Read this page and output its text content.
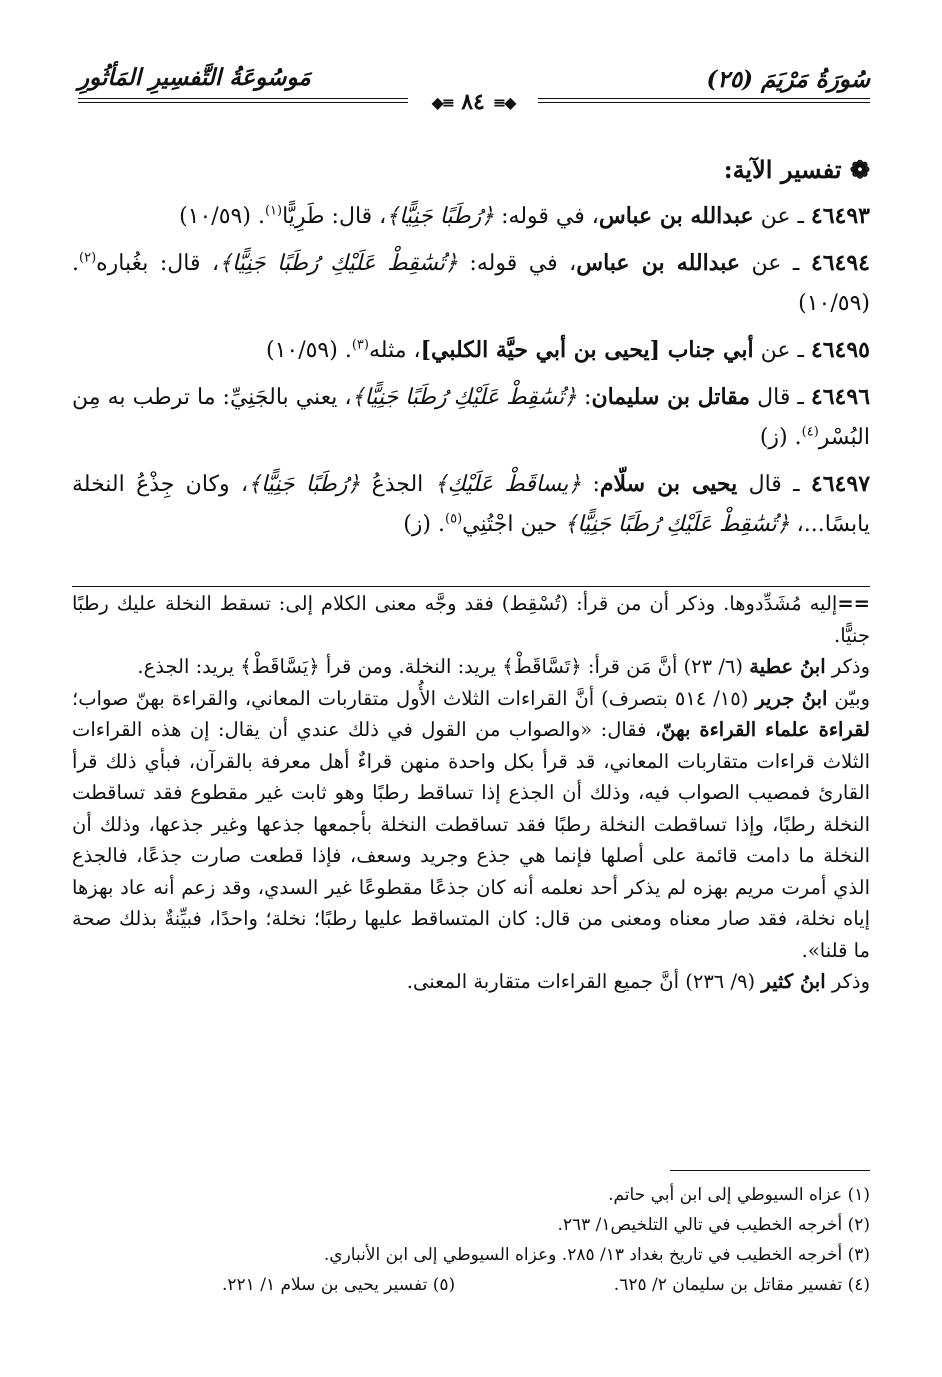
سُورَةُ مَرْيَمَ (٢٥)
مَوسُوعَةُ التَّفسِيرِ المَأثُورِ
≡◆
٨٤
◆≡
❁ تفسير الآية:
٤٦٤٩٣ ـ عن عبدالله بن عباس، في قوله: ﴿رُطَبًا جَنِيًّا﴾، قال: طَرِيًّا$^{(١)}$. (١٠/٥٩)
٤٦٤٩٤ ـ عن عبدالله بن عباس، في قوله: ﴿تُسَٰقِطْ عَلَيْكِ رُطَبًا جَنِيًّا﴾، قال: بغُباره$^{(٢)}$. (١٠/٥٩)
٤٦٤٩٥ ـ عن أبي جناب [يحيى بن أبي حيَّة الكلبي]، مثله$^{(٣)}$. (١٠/٥٩)
٤٦٤٩٦ ـ قال مقاتل بن سليمان: ﴿تُسَٰقِطْ عَلَيْكِ رُطَبًا جَنِيًّا﴾، يعني بالجَنِيِّ: ما ترطب به مِن البُسْر$^{(٤)}$. (ز)
٤٦٤٩٧ ـ قال يحيى بن سلّام: ﴿يساقَطْ عَلَيْكِ﴾ الجذعُ ﴿رُطَبًا جَنِيًّا﴾، وكان جِذْعُ النخلة يابسًا...، ﴿تُسَٰقِطْ عَلَيْكِ رُطَبًا جَنِيًّا﴾ حين اجْتُنِي$^{(٥)}$. (ز)
==إليه مُشَدِّدوها. وذكر أن من قرأ: (تُسْقِط) فقد وجَّه معنى الكلام إلى: تسقط النخلة عليك رطبًا جنيًّا.
وذكر ابنُ عطية (٦/ ٢٣) أنَّ مَن قرأ: ﴿تَسَّاقَطْ﴾ يريد: النخلة. ومن قرأ ﴿يَسَّاقَطْ﴾ يريد: الجذع.
وبيّن ابنُ جرير (١٥/ ٥١٤ بتصرف) أنَّ القراءات الثلاث الأُول متقاربات المعاني، والقراءة بهنّ صواب؛ لقراءة علماء القراءة بهنّ، فقال: «والصواب من القول في ذلك عندي أن يقال: إن هذه القراءات الثلاث قراءات متقاربات المعاني، قد قرأ بكل واحدة منهن قراءٌ أهل معرفة بالقرآن، فبأي ذلك قرأ القارئ فمصيب الصواب فيه، وذلك أن الجذع إذا تساقط رطبًا وهو ثابت غير مقطوع فقد تساقطت النخلة رطبًا، وإذا تساقطت النخلة رطبًا فقد تساقطت النخلة بأجمعها جذعها وغير جذعها، وذلك أن النخلة ما دامت قائمة على أصلها فإنما هي جذع وجريد وسعف، فإذا قطعت صارت جذعًا، فالجذع الذي أمرت مريم بهزه لم يذكر أحد نعلمه أنه كان جذعًا مقطوعًا غير السدي، وقد زعم أنه عاد بهزها إياه نخلة، فقد صار معناه ومعنى من قال: كان المتساقط عليها رطبًا؛ نخلة؛ واحدًا، فبيِّنةٌ بذلك صحة ما قلنا».
وذكر ابنُ كثير (٩/ ٢٣٦) أنَّ جميع القراءات متقاربة المعنى.
(١) عزاه السيوطي إلى ابن أبي حاتم.
(٢) أخرجه الخطيب في تالي التلخيص١/ ٢٦٣.
(٣) أخرجه الخطيب في تاريخ بغداد ١٣/ ٢٨٥. وعزاه السيوطي إلى ابن الأنباري.
(٤) تفسير مقاتل بن سليمان ٢/ ٦٢٥.
(٥) تفسير يحيى بن سلام ١/ ٢٢١.
